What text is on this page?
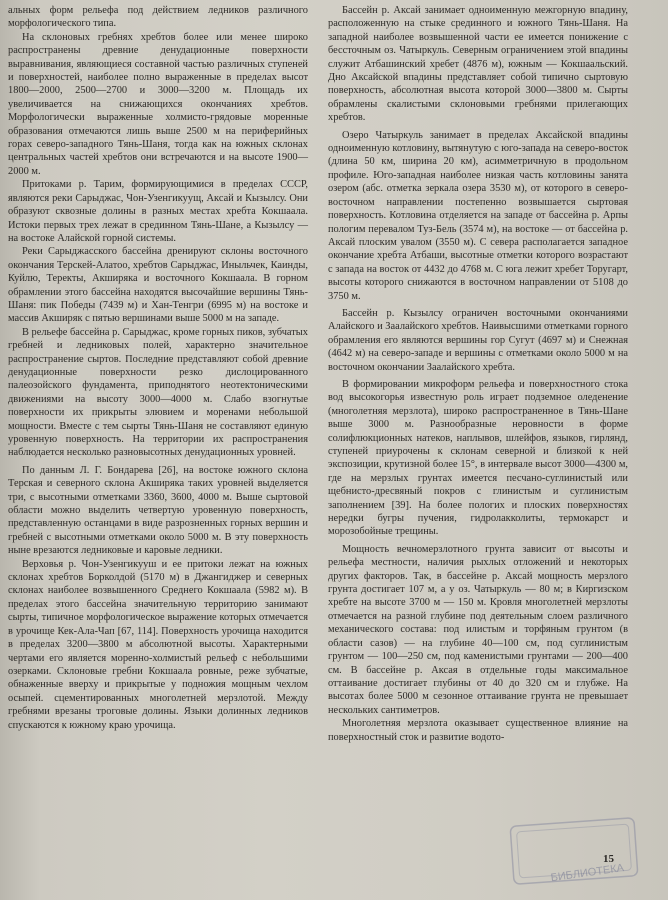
альных форм рельефа под действием ледников различного морфологического типа.

На склоновых гребнях хребтов более или менее широко распространены древние денудационные поверхности выравнивания, являющиеся составной частью различных ступеней и поверхностей, наиболее полно выраженные в пределах высот 1800—2000, 2500—2700 и 3000—3200 м. Площадь их увеличивается на снижающихся окончаниях хребтов. Морфологически выраженные холмисто-грядовые моренные образования отмечаются лишь выше 2500 м на периферийных горах северо-западного Тянь-Шаня, тогда как на южных склонах центральных частей хребтов они встречаются и на высоте 1900—2000 м.

Притоками р. Тарим, формирующимися в пределах СССР, являются реки Сарыджас, Чон-Узенгикуущ, Аксай и Кызылсу. Они образуют сквозные долины в разных местах хребта Кокшаала. Истоки первых трех лежат в срединном Тянь-Шане, а Кызылсу — на востоке Алайской горной системы.

Реки Сарыджасского бассейна дренируют склоны восточного окончания Терскей-Алатоо, хребтов Сарыджас, Иныльчек, Каинды, Куйлю, Теректы, Акширяка и восточного Кокшаала. В горном обрамлении этого бассейна находятся высочайшие вершины Тянь-Шаня: пик Победы (7439 м) и Хан-Тенгри (6995 м) на востоке и массив Акширяк с пятью вершинами выше 5000 м на западе.

В рельефе бассейна р. Сарыджас, кроме горных пиков, зубчатых гребней и ледниковых полей, характерно значительное распространение сыртов. Последние представляют собой древние денудационные поверхности резко дислоцированного палеозойского фундамента, приподнятого неотектоническими движениями на высоту 3000—4000 м. Слабо взогнутые поверхности их прикрыты элювием и моренами небольшой мощности. Вместе с тем сырты Тянь-Шаня не составляют единую уровенную поверхность. На территории их распространения наблюдается несколько разновысотных денудационных уровней.

По данным Л. Г. Бондарева [26], на востоке южного склона Терская и северного склона Акширяка таких уровней выделяется три, с высотными отметками 3360, 3600, 4000 м. Выше сыртовой области можно выделить четвертую уровенную поверхность, представленную останцами в виде разрозненных горных вершин и гребней с высотными отметками около 5000 м. В эту поверхность ныне врезаются ледниковые и каровые ледники.

Верховья р. Чон-Узенгикууш и ее притоки лежат на южных склонах хребтов Борколдой (5170 м) в Джангиджер и северных склонах наиболее возвышенного Среднего Кокшаала (5982 м). В пределах этого бассейна значительную территорию занимают сырты, типичное морфологическое выражение которых отмечается в урочище Кек-Ала-Чап [67, 114]. Поверхность урочища находится в пределах 3200—3800 м абсолютной высоты. Характерными чертами его является моренно-холмистый рельеф с небольшими озерками. Склоновые гребни Кокшаала ровные, реже зубчатые, обнаженные вверху и прикрытые у подножия мощным чехлом осыпей. сцементированных многолетней мерзлотой. Между гребнями врезаны троговые долины. Языки долинных ледников спускаются к южному краю урочища.

Бассейн р. Аксай занимает одноименную межгорную впадину, расположенную на стыке срединного и южного Тянь-Шаня. На западной наиболее возвышенной части ее имеется понижение с бессточным оз. Чатыркуль. Северным ограничением этой впадины служит Атбашинский хребет (4876 м), южным — Кокшаальский. Дно Аксайской впадины представляет собой типично сыртовую поверхность, абсолютная высота которой 3000—3800 м. Сырты обрамлены скалистыми склоновыми гребнями прилегающих хребтов.

Озеро Чатыркуль занимает в пределах Аксайской впадины одноименную котловину, вытянутую с юго-запада на северо-восток (длина 50 км, ширина 20 км), асимметричную в продольном профиле. Юго-западная наиболее низкая часть котловины занята озером (абс. отметка зеркала озера 3530 м), от которого в северо-восточном направлении постепенно возвышается сыртовая поверхность. Котловина отделяется на западе от бассейна р. Арпы пологим перевалом Туз-Бель (3574 м), на востоке — от бассейна р. Аксай плоским увалом (3550 м). С севера располагается западное окончание хребта Атбаши, высотные отметки которого возрастают с запада на восток от 4432 до 4768 м. С юга лежит хребет Торугарт, высоты которого снижаются в восточном направлении от 5108 до 3750 м.

Бассейн р. Кызылсу ограничен восточными окончаниями Алайского и Заалайского хребтов. Наивысшими отметками горного обрамления его являются вершины гор Сугут (4697 м) и Снежная (4642 м) на северо-западе и вершины с отметками около 5000 м на восточном окончании Заалайского хребта.

В формировании микроформ рельефа и поверхностного стока вод высокогорья известную роль играет подземное оледенение (многолетняя мерзлота), широко распространенное в Тянь-Шане выше 3000 м. Разнообразные неровности в форме солифлюкционных натеков, наплывов, шлейфов, языков, гирлянд, ступеней приурочены к склонам северной и близкой к ней экспозиции, крутизной более 15°, в интервале высот 3000—4300 м, где на мерзлых грунтах имеется песчано-суглинистый или щебнисто-дресвяный покров с глинистым и суглинистым заполнением [39]. На более пологих и плоских поверхностях нередки бугры пучения, гидролакколиты, термокарст и морозобойные трещины.

Мощность вечномерзлотного грунта зависит от высоты и рельефа местности, наличия рыхлых отложений и некоторых других факторов. Так, в бассейне р. Аксай мощность мерзлого грунта достигает 107 м, а у оз. Чатыркуль — 80 м; в Киргизском хребте на высоте 3700 м — 150 м. Кровля многолетней мерзлоты отмечается на разной глубине под деятельным слоем различного механического состава: под илистым и торфяным грунтом (в области сазов) — на глубине 40—100 см, под суглинистым грунтом — 100—250 см, под каменистыми грунтами — 200—400 см. В бассейне р. Аксая в отдельные годы максимальное оттаивание достигает глубины от 40 до 320 см и глубже. На высотах более 5000 м сезонное оттаивание грунта не превышает нескольких сантиметров.

Многолетняя мерзлота оказывает существенное влияние на поверхностный сток и развитие водото-

БИБЛИОТЕКА
15
